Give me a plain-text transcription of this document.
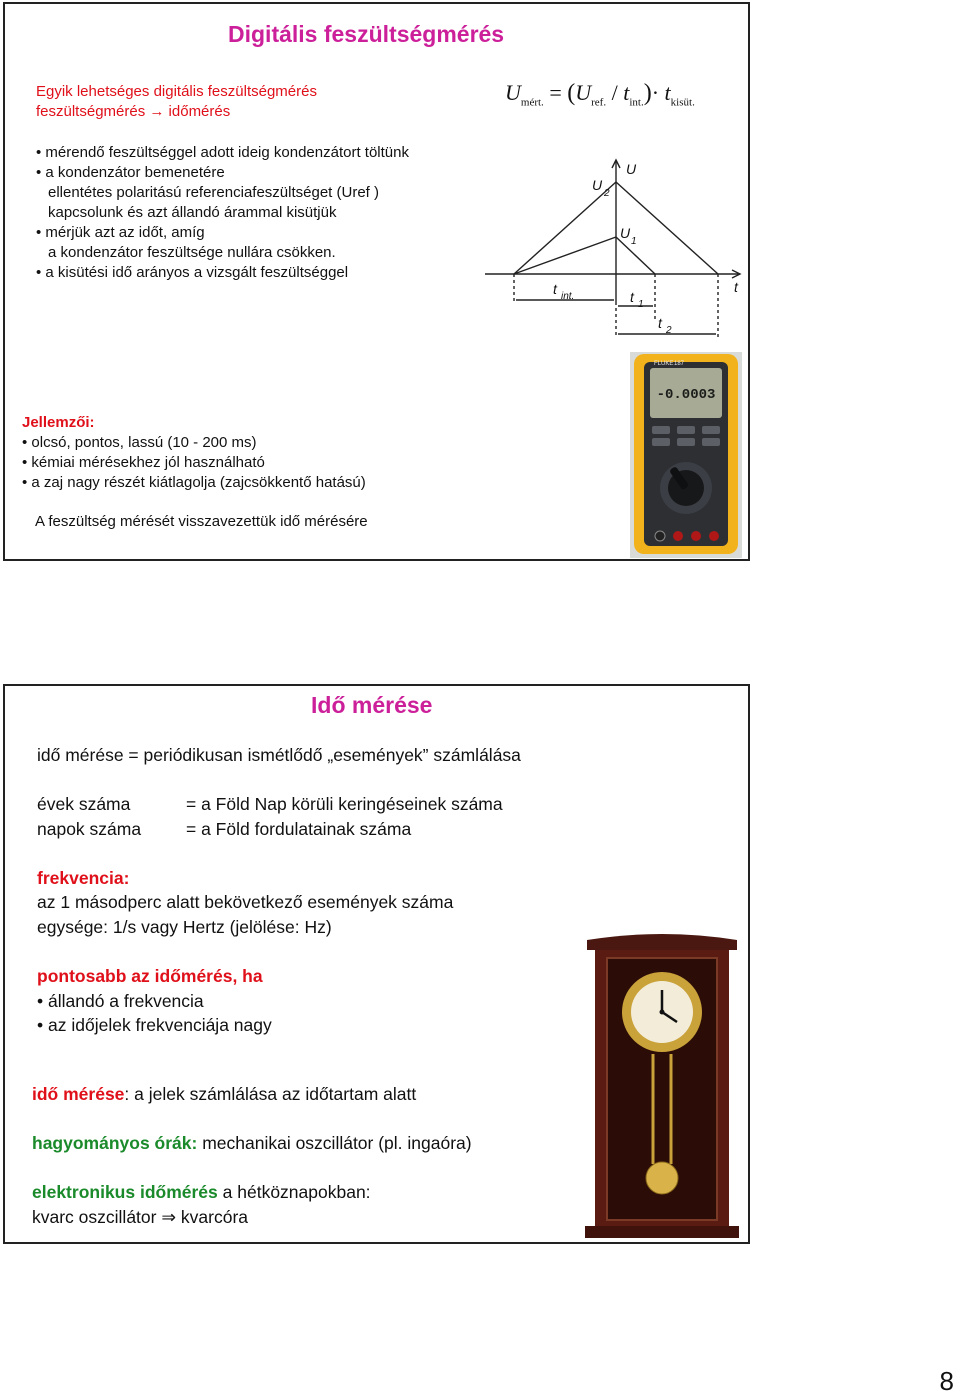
Digitális feszültségmérés
Egyik lehetséges digitális feszültségmérés
feszültségmérés → időmérés
$U_{mért.} = (U_{ref.} / t_{int.})\cdot t_{kisüt.}$
U
U
2
U
1
t
t int.	t 1
t 2
Jellemzői:
A feszültség mérését visszavezettük idő mérésére
-0.0003
FLUKE 187
• mérendő feszültséggel adott ideig kondenzátort töltünk
• a kondenzátor bemenetére
ellentétes polaritású referenciafeszültséget (Uref )
kapcsolunk és azt állandó árammal kisütjük
• mérjük azt az időt, amíg
a kondenzátor feszültsége nullára csökken.
• a kisütési idő arányos a vizsgált feszültséggel
• olcsó, pontos, lassú (10 - 200 ms)
• kémiai mérésekhez jól használható
• a zaj nagy részét kiátlagolja (zajcsökkentő hatású)
Idő mérése
idő mérése = periódikusan ismétlődő „események” számlálása
évek száma	= a Föld Nap körüli keringéseinek száma
napok száma	= a Föld fordulatainak száma
frekvencia:
az 1 másodperc alatt bekövetkező események száma
egysége: 1/s vagy Hertz (jelölése: Hz)
pontosabb az időmérés, ha
• állandó a frekvencia
• az időjelek frekvenciája nagy
idő mérése: a jelek számlálása az időtartam alatt
hagyományos órák: mechanikai oszcillátor (pl. ingaóra)
elektronikus időmérés a hétköznapokban:
kvarc oszcillátor ⇒ kvarcóra
8
